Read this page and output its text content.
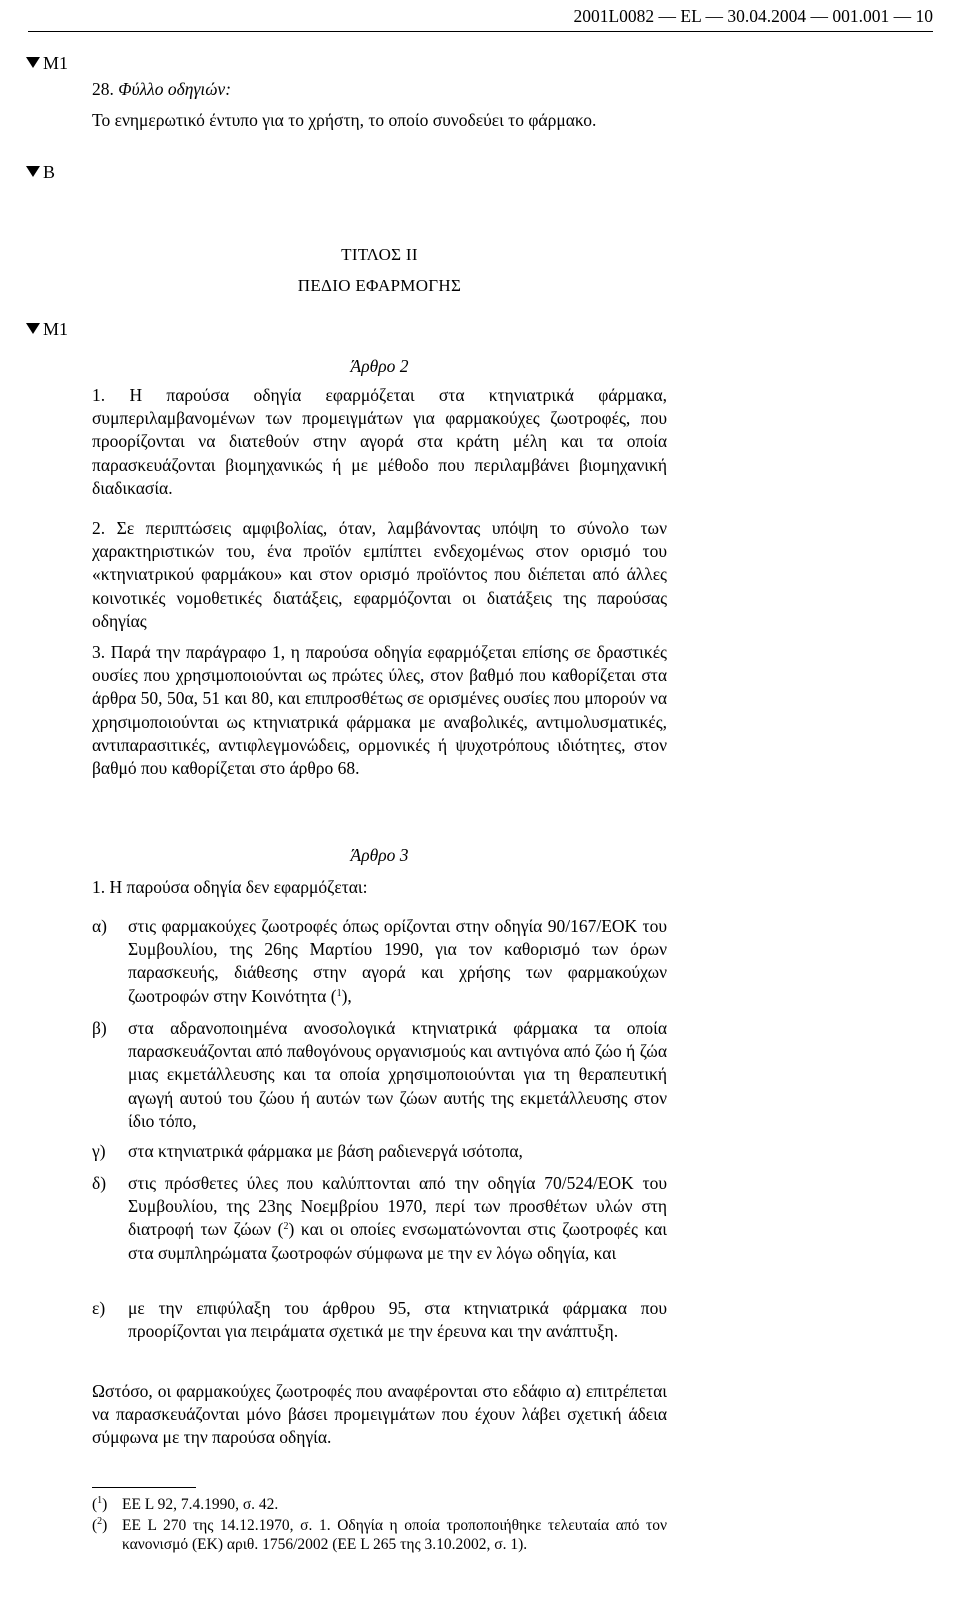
2001L0082 — EL — 30.04.2004 — 001.001 — 10
M1
B
M1
28. Φύλλο οδηγιών:
Το ενημερωτικό έντυπο για το χρήστη, το οποίο συνοδεύει το φάρμακο.
ΤΙΤΛΟΣ II
ΠΕΔΙΟ ΕΦΑΡΜΟΓΗΣ
Άρθρο 2
1. Η παρούσα οδηγία εφαρμόζεται στα κτηνιατρικά φάρμακα, συμπεριλαμβανομένων των προμειγμάτων για φαρμακούχες ζωοτροφές, που προορίζονται να διατεθούν στην αγορά στα κράτη μέλη και τα οποία παρασκευάζονται βιομηχανικώς ή με μέθοδο που περιλαμβάνει βιομηχανική διαδικασία.
2. Σε περιπτώσεις αμφιβολίας, όταν, λαμβάνοντας υπόψη το σύνολο των χαρακτηριστικών του, ένα προϊόν εμπίπτει ενδεχομένως στον ορισμό του «κτηνιατρικού φαρμάκου» και στον ορισμό προϊόντος που διέπεται από άλλες κοινοτικές νομοθετικές διατάξεις, εφαρμόζονται οι διατάξεις της παρούσας οδηγίας
3. Παρά την παράγραφο 1, η παρούσα οδηγία εφαρμόζεται επίσης σε δραστικές ουσίες που χρησιμοποιούνται ως πρώτες ύλες, στον βαθμό που καθορίζεται στα άρθρα 50, 50α, 51 και 80, και επιπροσθέτως σε ορισμένες ουσίες που μπορούν να χρησιμοποιούνται ως κτηνιατρικά φάρμακα με αναβολικές, αντιμολυσματικές, αντιπαρασιτικές, αντιφλεγμονώδεις, ορμονικές ή ψυχοτρόπους ιδιότητες, στον βαθμό που καθορίζεται στο άρθρο 68.
Άρθρο 3
1. Η παρούσα οδηγία δεν εφαρμόζεται:
α) στις φαρμακούχες ζωοτροφές όπως ορίζονται στην οδηγία 90/167/ΕΟΚ του Συμβουλίου, της 26ης Μαρτίου 1990, για τον καθορισμό των όρων παρασκευής, διάθεσης στην αγορά και χρήσης των φαρμακούχων ζωοτροφών στην Κοινότητα ($^1$),
β) στα αδρανοποιημένα ανοσολογικά κτηνιατρικά φάρμακα τα οποία παρασκευάζονται από παθογόνους οργανισμούς και αντιγόνα από ζώο ή ζώα μιας εκμετάλλευσης και τα οποία χρησιμοποιούνται για τη θεραπευτική αγωγή αυτού του ζώου ή αυτών των ζώων αυτής της εκμετάλλευσης στον ίδιο τόπο,
γ) στα κτηνιατρικά φάρμακα με βάση ραδιενεργά ισότοπα,
δ) στις πρόσθετες ύλες που καλύπτονται από την οδηγία 70/524/ΕΟΚ του Συμβουλίου, της 23ης Νοεμβρίου 1970, περί των προσθέτων υλών στη διατροφή των ζώων ($^2$) και οι οποίες ενσωματώνονται στις ζωοτροφές και στα συμπληρώματα ζωοτροφών σύμφωνα με την εν λόγω οδηγία, και
ε) με την επιφύλαξη του άρθρου 95, στα κτηνιατρικά φάρμακα που προορίζονται για πειράματα σχετικά με την έρευνα και την ανάπτυξη.
Ωστόσο, οι φαρμακούχες ζωοτροφές που αναφέρονται στο εδάφιο α) επιτρέπεται να παρασκευάζονται μόνο βάσει προμειγμάτων που έχουν λάβει σχετική άδεια σύμφωνα με την παρούσα οδηγία.
($^1$) ΕΕ L 92, 7.4.1990, σ. 42.
($^2$) ΕΕ L 270 της 14.12.1970, σ. 1. Οδηγία η οποία τροποποιήθηκε τελευταία από τον κανονισμό (ΕΚ) αριθ. 1756/2002 (ΕΕ L 265 της 3.10.2002, σ. 1).
